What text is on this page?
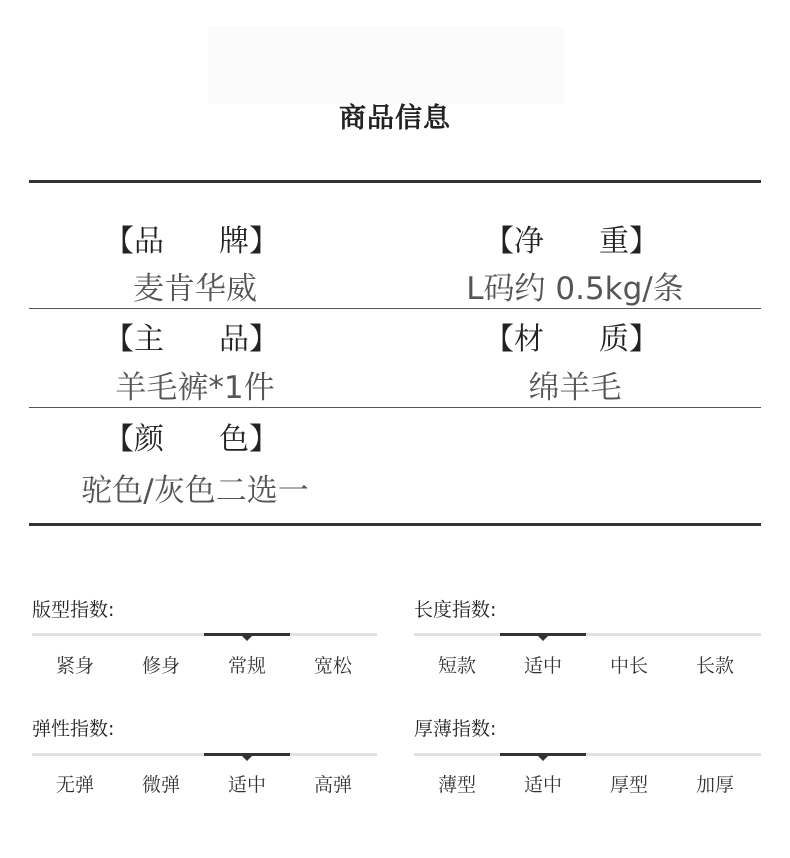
商品信息
【品 牌】
麦肯华威
【净 重】
L码约 0.5kg/条
【主 品】
羊毛裤*1件
【材 质】
绵羊毛
【颜 色】
驼色/灰色二选一
版型指数:
紧身	修身	常规	宽松
长度指数:
短款	适中	中长	长款
弹性指数:
无弹	微弹	适中	高弹
厚薄指数:
薄型	适中	厚型	加厚
